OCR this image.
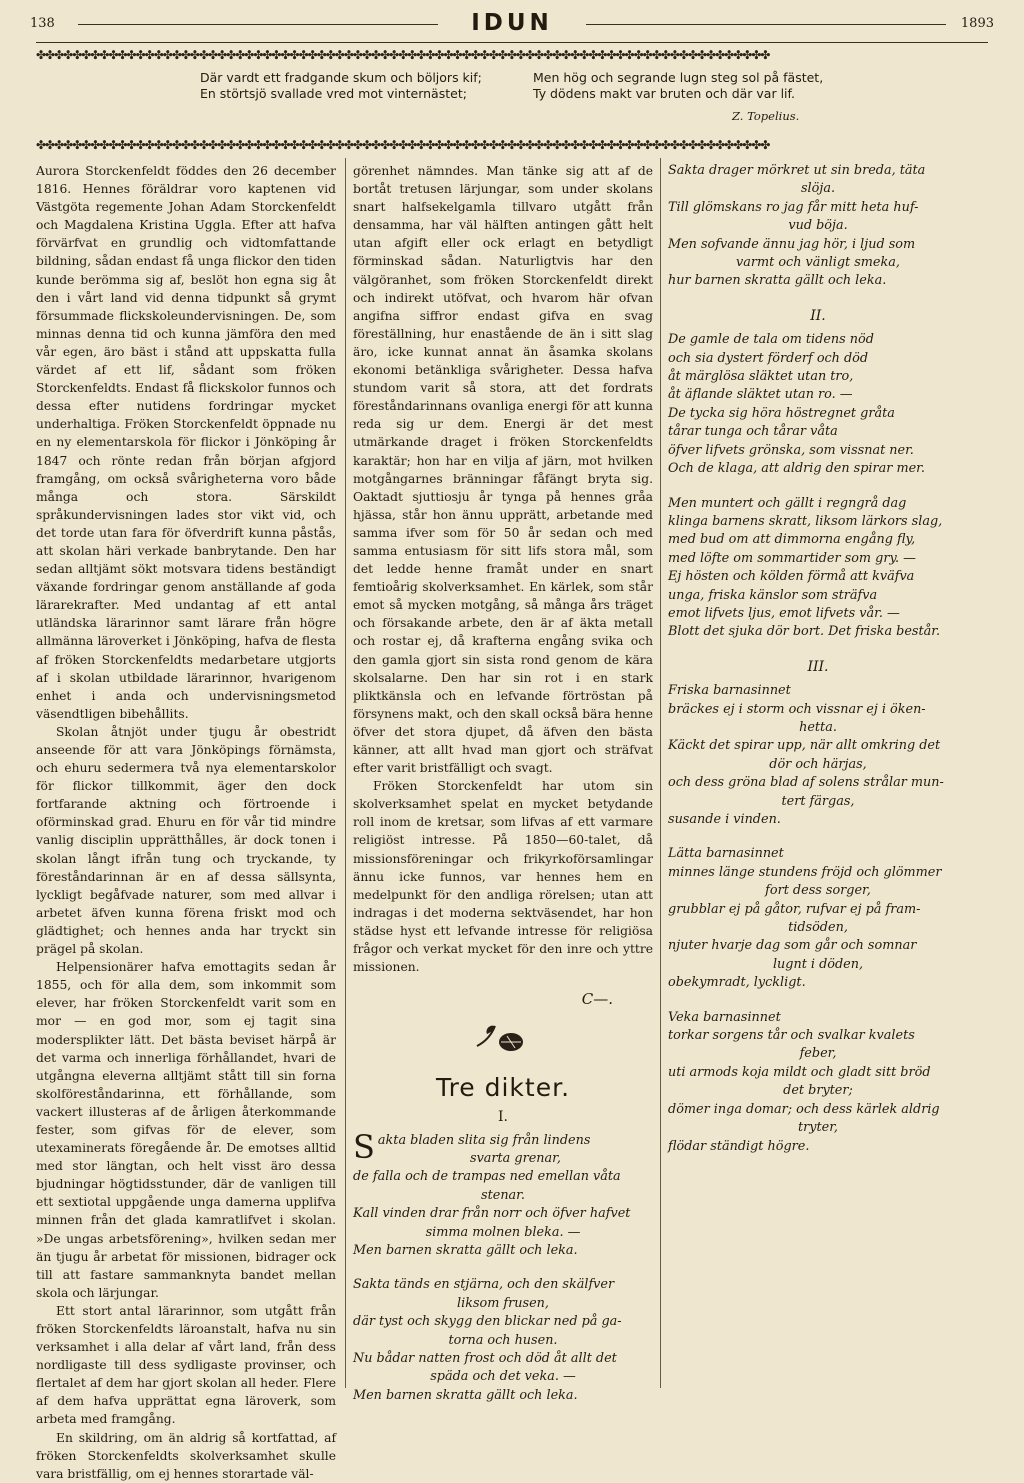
138	IDUN	1893
✤✤✤✤✤✤✤✤✤✤✤✤✤✤✤✤✤✤✤✤✤✤✤✤✤✤✤✤✤✤✤✤✤✤✤✤✤✤✤✤✤✤✤✤✤✤✤✤✤✤✤✤✤✤✤✤✤✤✤✤✤✤✤✤✤✤✤✤✤✤✤✤✤✤✤✤✤✤✤✤✤
Där vardt ett fradgande skum och böljors kif;
En störtsjö svallade vred mot vinternästet;
Men hög och segrande lugn steg sol på fästet,
Ty dödens makt var bruten och där var lif.
Z. Topelius.
✤✤✤✤✤✤✤✤✤✤✤✤✤✤✤✤✤✤✤✤✤✤✤✤✤✤✤✤✤✤✤✤✤✤✤✤✤✤✤✤✤✤✤✤✤✤✤✤✤✤✤✤✤✤✤✤✤✤✤✤✤✤✤✤✤✤✤✤✤✤✤✤✤✤✤✤✤✤✤✤✤

Aurora Storckenfeldt föddes den 26 december 1816. Hennes föräldrar voro kaptenen vid Västgöta regemente Johan Adam Storckenfeldt och Magdalena Kristina Uggla. Efter att hafva förvärfvat en grundlig och vidtomfattande bildning, sådan endast få unga flickor den tiden kunde berömma sig af, beslöt hon egna sig åt den i vårt land vid denna tidpunkt så grymt försummade flickskoleundervisningen. De, som minnas denna tid och kunna jämföra den med vår egen, äro bäst i stånd att uppskatta fulla värdet af ett lif, sådant som fröken Storckenfeldts. Endast få flickskolor funnos och dessa efter nutidens fordringar mycket underhaltiga. Fröken Storckenfeldt öppnade nu en ny elementarskola för flickor i Jönköping år 1847 och rönte redan från början afgjord framgång, om också svårigheterna voro både många och stora. Särskildt språkundervisningen lades stor vikt vid, och det torde utan fara för öfverdrift kunna påstås, att skolan häri verkade banbrytande. Den har sedan alltjämt sökt motsvara tidens beständigt växande fordringar genom anställande af goda lärarekrafter. Med undantag af ett antal utländska lärarinnor samt lärare från högre allmänna läroverket i Jönköping, hafva de flesta af fröken Storckenfeldts medarbetare utgjorts af i skolan utbildade lärarinnor, hvarigenom enhet i anda och undervisningsmetod väsendtligen bibehållits.

Skolan åtnjöt under tjugu år obestridt anseende för att vara Jönköpings förnämsta, och ehuru sedermera två nya elementarskolor för flickor tillkommit, äger den dock fortfarande aktning och förtroende i oförminskad grad. Ehuru en för vår tid mindre vanlig disciplin upprätthålles, är dock tonen i skolan långt ifrån tung och tryckande, ty föreståndarinnan är en af dessa sällsynta, lyckligt begåfvade naturer, som med allvar i arbetet äfven kunna förena friskt mod och glädtighet; och hennes anda har tryckt sin prägel på skolan.

Helpensionärer hafva emottagits sedan år 1855, och för alla dem, som inkommit som elever, har fröken Storckenfeldt varit som en mor — en god mor, som ej tagit sina modersplikter lätt. Det bästa beviset härpå är det varma och innerliga förhållandet, hvari de utgångna eleverna alltjämt stått till sin forna skolföreståndarinna, ett förhållande, som vackert illusteras af de årligen återkommande fester, som gifvas för de elever, som utexaminerats föregående år. De emotses alltid med stor längtan, och helt visst äro dessa bjudningar högtidsstunder, där de vanligen till ett sextiotal uppgående unga damerna upplifva minnen från det glada kamratlifvet i skolan. »De ungas arbetsförening», hvilken sedan mer än tjugu år arbetat för missionen, bidrager ock till att fastare sammanknyta bandet mellan skola och lärjungar.

Ett stort antal lärarinnor, som utgått från fröken Storckenfeldts läroanstalt, hafva nu sin verksamhet i alla delar af vårt land, från dess nordligaste till dess sydligaste provinser, och flertalet af dem har gjort skolan all heder. Flere af dem hafva upprättat egna läroverk, som arbeta med framgång.

En skildring, om än aldrig så kortfattad, af fröken Storckenfeldts skolverksamhet skulle vara bristfällig, om ej hennes storartade väl-

görenhet nämndes. Man tänke sig att af de bortåt tretusen lärjungar, som under skolans snart halfsekelgamla tillvaro utgått från densamma, har väl hälften antingen gått helt utan afgift eller ock erlagt en betydligt förminskad sådan. Naturligtvis har den välgöranhet, som fröken Storckenfeldt direkt och indirekt utöfvat, och hvarom här ofvan angifna siffror endast gifva en svag föreställning, hur enastående de än i sitt slag äro, icke kunnat annat än åsamka skolans ekonomi betänkliga svårigheter. Dessa hafva stundom varit så stora, att det fordrats föreståndarinnans ovanliga energi för att kunna reda sig ur dem. Energi är det mest utmärkande draget i fröken Storckenfeldts karaktär; hon har en vilja af järn, mot hvilken motgångarnes bränningar fåfängt bryta sig. Oaktadt sjuttiosju år tynga på hennes gråa hjässa, står hon ännu upprätt, arbetande med samma ifver som för 50 år sedan och med samma entusiasm för sitt lifs stora mål, som det ledde henne framåt under en snart femtioårig skolverksamhet. En kärlek, som står emot så mycken motgång, så många års träget och försakande arbete, den är af äkta metall och rostar ej, då krafterna engång svika och den gamla gjort sin sista rond genom de kära skolsalarne. Den har sin rot i en stark pliktkänsla och en lefvande förtröstan på försynens makt, och den skall också bära henne öfver det stora djupet, då äfven den bästa känner, att allt hvad man gjort och sträfvat efter varit bristfälligt och svagt.

Fröken Storckenfeldt har utom sin skolverksamhet spelat en mycket betydande roll inom de kretsar, som lifvas af ett varmare religiöst intresse. På 1850—60-talet, då missionsföreningar och frikyrkoförsamlingar ännu icke funnos, var hennes hem en medelpunkt för den andliga rörelsen; utan att indragas i det moderna sektväsendet, har hon städse hyst ett lefvande intresse för religiösa frågor och verkat mycket för den inre och yttre missionen.

C—.
Tre dikter.
I.
S akta bladen slita sig från lindens
svarta grenar,
de falla och de trampas ned emellan våta
stenar.
Kall vinden drar från norr och öfver hafvet
simma molnen bleka. —
Men barnen skratta gällt och leka.
Sakta tänds en stjärna, och den skälfver
liksom frusen,
där tyst och skygg den blickar ned på ga-
torna och husen.
Nu bådar natten frost och död åt allt det
späda och det veka. —
Men barnen skratta gällt och leka.
Sakta drager mörkret ut sin breda, täta
slöja.
Till glömskans ro jag får mitt heta huf-
vud böja.
Men sofvande ännu jag hör, i ljud som
varmt och vänligt smeka,
hur barnen skratta gällt och leka.
II.
De gamle de tala om tidens nöd
och sia dystert förderf och död
åt märglösa släktet utan tro,
åt äflande släktet utan ro. —
De tycka sig höra höstregnet gråta
tårar tunga och tårar våta
öfver lifvets grönska, som vissnat ner.
Och de klaga, att aldrig den spirar mer.
Men muntert och gällt i regngrå dag
klinga barnens skratt, liksom lärkors slag,
med bud om att dimmorna engång fly,
med löfte om sommartider som gry. —
Ej hösten och kölden förmå att kväfva
unga, friska känslor som sträfva
emot lifvets ljus, emot lifvets vår. —
Blott det sjuka dör bort. Det friska består.
III.
Friska barnasinnet
bräckes ej i storm och vissnar ej i öken-
hetta.
Käckt det spirar upp, när allt omkring det
dör och härjas,
och dess gröna blad af solens strålar mun-
tert färgas,
susande i vinden.
Lätta barnasinnet
minnes länge stundens fröjd och glömmer
fort dess sorger,
grubblar ej på gåtor, rufvar ej på fram-
tidsöden,
njuter hvarje dag som går och somnar
lugnt i döden,
obekymradt, lyckligt.
Veka barnasinnet
torkar sorgens tår och svalkar kvalets
feber,
uti armods koja mildt och gladt sitt bröd
det bryter;
dömer inga domar; och dess kärlek aldrig
tryter,
flödar ständigt högre.
